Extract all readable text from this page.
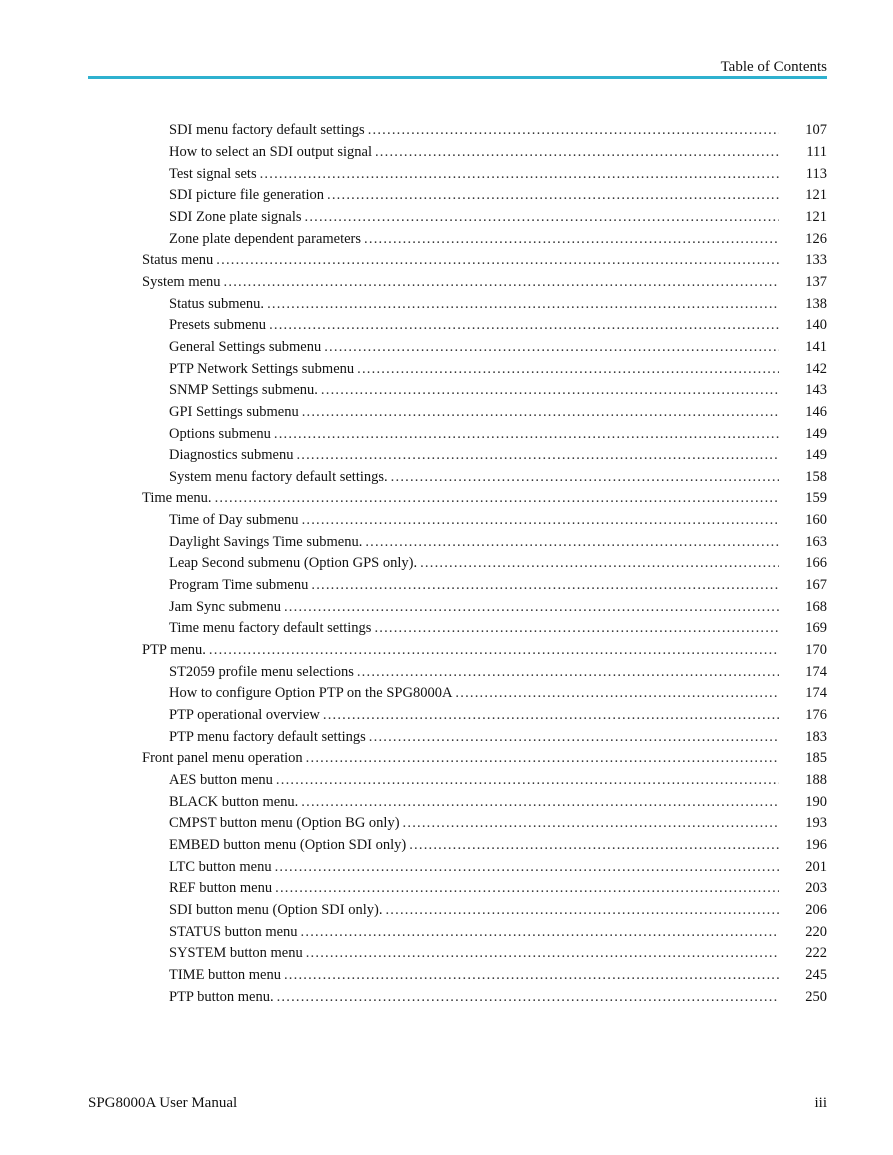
Table of Contents
SDI menu factory default settings .....	107
How to select an SDI output signal .....	111
Test signal sets .....	113
SDI picture file generation .....	121
SDI Zone plate signals .....	121
Zone plate dependent parameters .....	126
Status menu .....	133
System menu .....	137
Status submenu. .....	138
Presets submenu .....	140
General Settings submenu .....	141
PTP Network Settings submenu .....	142
SNMP Settings submenu. .....	143
GPI Settings submenu .....	146
Options submenu .....	149
Diagnostics submenu .....	149
System menu factory default settings. .....	158
Time menu. .....	159
Time of Day submenu .....	160
Daylight Savings Time submenu. .....	163
Leap Second submenu (Option GPS only). .....	166
Program Time submenu .....	167
Jam Sync submenu .....	168
Time menu factory default settings .....	169
PTP menu. .....	170
ST2059 profile menu selections .....	174
How to configure Option PTP on the SPG8000A .....	174
PTP operational overview .....	176
PTP menu factory default settings .....	183
Front panel menu operation .....	185
AES button menu .....	188
BLACK button menu. .....	190
CMPST button menu (Option BG only) .....	193
EMBED button menu (Option SDI only) .....	196
LTC button menu .....	201
REF button menu .....	203
SDI button menu (Option SDI only). .....	206
STATUS button menu .....	220
SYSTEM button menu .....	222
TIME button menu .....	245
PTP button menu. .....	250
SPG8000A User Manual	iii
